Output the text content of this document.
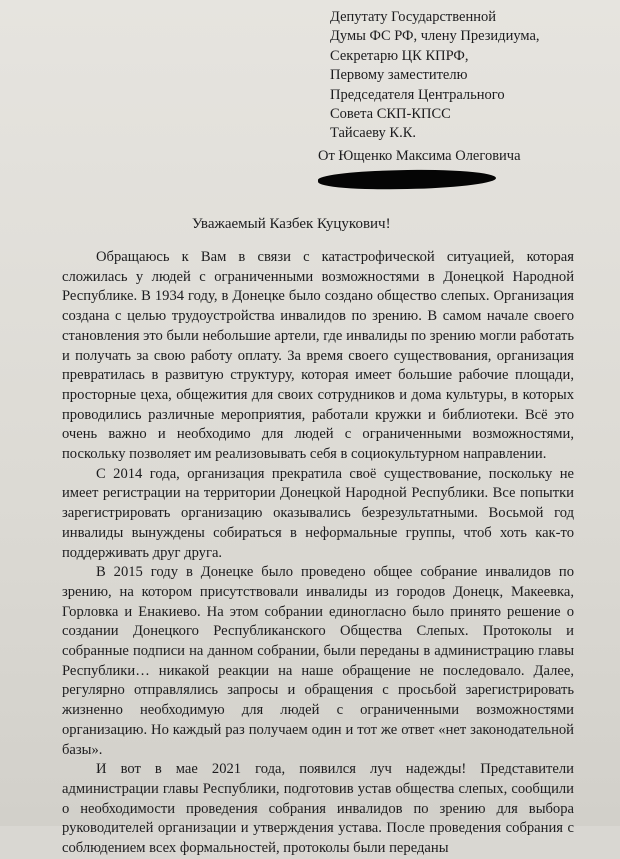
Депутату Государственной
Думы ФС РФ, члену Президиума,
Секретарю ЦК КПРФ,
Первому заместителю
Председателя Центрального
Совета СКП-КПСС
Тайсаеву К.К.
От Ющенко Максима Олеговича
Уважаемый Казбек Куцукович!

Обращаюсь к Вам в связи с катастрофической ситуацией, которая сложилась у людей с ограниченными возможностями в Донецкой Народной Республике. В 1934 году, в Донецке было создано общество слепых. Организация создана с целью трудоустройства инвалидов по зрению. В самом начале своего становления это были небольшие артели, где инвалиды по зрению могли работать и получать за свою работу оплату. За время своего существования, организация превратилась в развитую структуру, которая имеет большие рабочие площади, просторные цеха, общежития для своих сотрудников и дома культуры, в которых проводились различные мероприятия, работали кружки и библиотеки. Всё это очень важно и необходимо для людей с ограниченными возможностями, поскольку позволяет им реализовывать себя в социокультурном направлении.

С 2014 года, организация прекратила своё существование, поскольку не имеет регистрации на территории Донецкой Народной Республики. Все попытки зарегистрировать организацию оказывались безрезультатными. Восьмой год инвалиды вынуждены собираться в неформальные группы, чтоб хоть как-то поддерживать друг друга.

В 2015 году в Донецке было проведено общее собрание инвалидов по зрению, на котором присутствовали инвалиды из городов Донецк, Макеевка, Горловка и Енакиево. На этом собрании единогласно было принято решение о создании Донецкого Республиканского Общества Слепых. Протоколы и собранные подписи на данном собрании, были переданы в администрацию главы Республики… никакой реакции на наше обращение не последовало. Далее, регулярно отправлялись запросы и обращения с просьбой зарегистрировать жизненно необходимую для людей с ограниченными возможностями организацию. Но каждый раз получаем один и тот же ответ «нет законодательной базы».

И вот в мае 2021 года, появился луч надежды! Представители администрации главы Республики, подготовив устав общества слепых, сообщили о необходимости проведения собрания инвалидов по зрению для выбора руководителей организации и утверждения устава. После проведения собрания с соблюдением всех формальностей, протоколы были переданы
